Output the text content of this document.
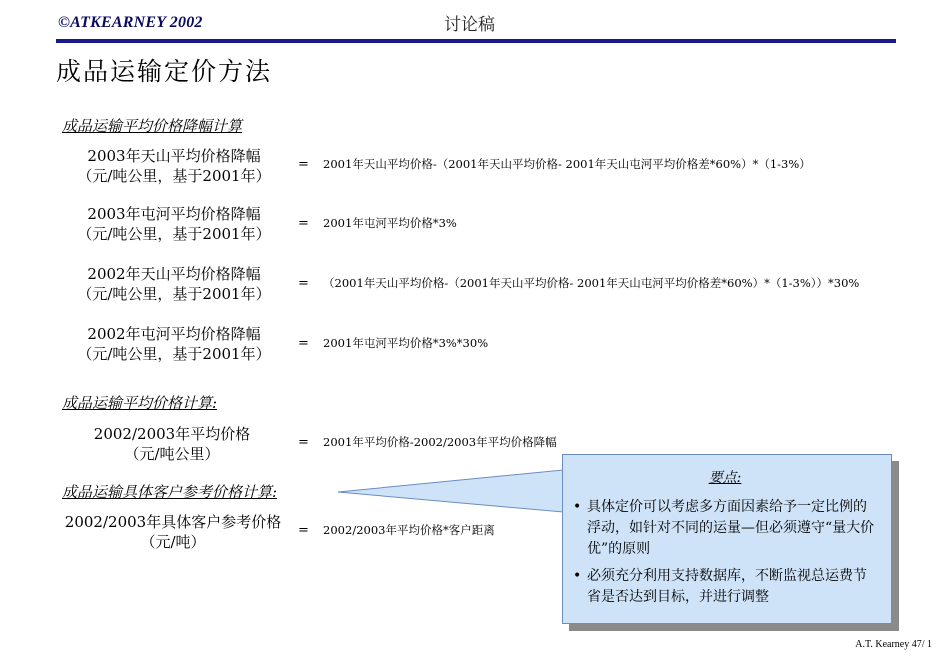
©ATKEARNEY 2002	讨论稿
成品运输定价方法
成品运输平均价格降幅计算
2003年天山平均价格降幅
（元/吨公里，基于2001年）
= 2001年天山平均价格-（2001年天山平均价格- 2001年天山屯河平均价格差*60%）*（1-3%）
2003年屯河平均价格降幅
（元/吨公里，基于2001年）
= 2001年屯河平均价格*3%
2002年天山平均价格降幅
（元/吨公里，基于2001年）
= （2001年天山平均价格-（2001年天山平均价格- 2001年天山屯河平均价格差*60%）*（1-3%））*30%
2002年屯河平均价格降幅
（元/吨公里，基于2001年）
= 2001年屯河平均价格*3%*30%
成品运输平均价格计算:
2002/2003年平均价格
（元/吨公里）
= 2001年平均价格-2002/2003年平均价格降幅
成品运输具体客户参考价格计算:
2002/2003年具体客户参考价格
（元/吨）
= 2002/2003年平均价格*客户距离
要点:
• 具体定价可以考虑多方面因素给予一定比例的浮动，如针对不同的运量—但必须遵守“量大价优”的原则
• 必须充分利用支持数据库，不断监视总运费节省是否达到目标，并进行调整
A.T. Kearney 47/ 1
